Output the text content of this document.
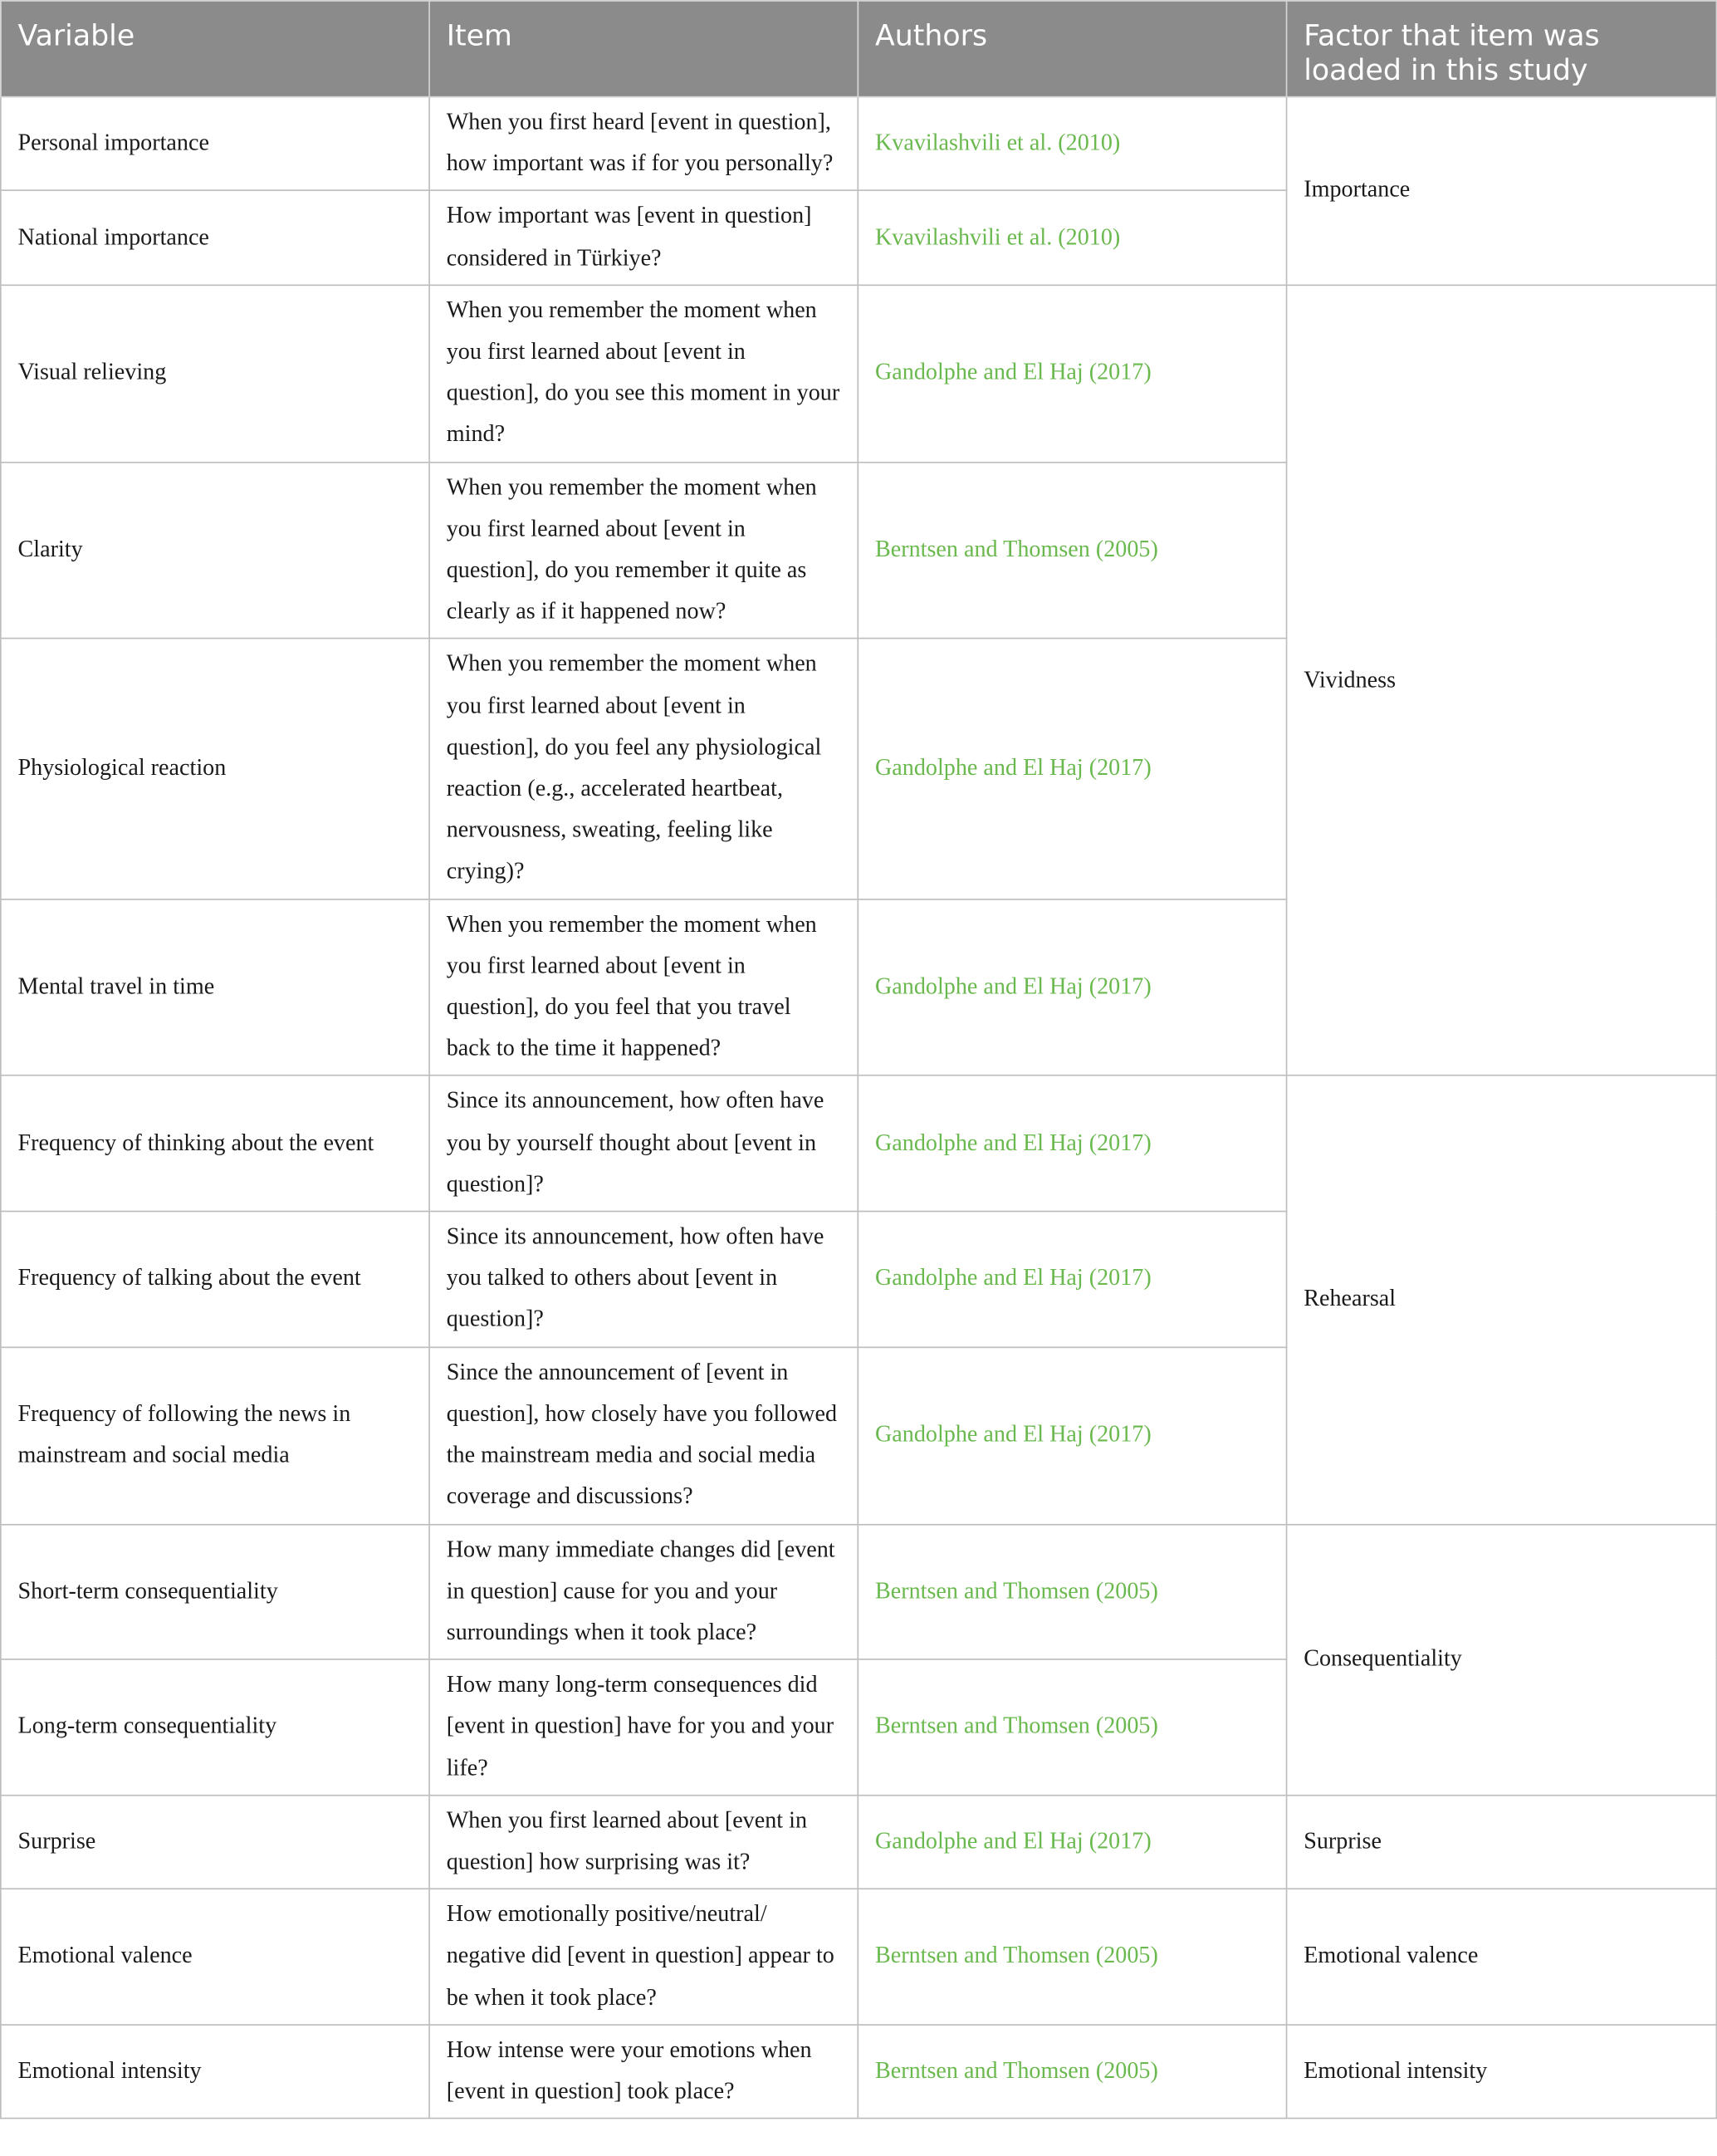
Variable	Item	Authors	Factor that item was loaded in this study
Personal importance	When you first heard [event in question], how important was if for you personally?	Kvavilashvili et al. (2010)	Importance
National importance	How important was [event in question] considered in Türkiye?	Kvavilashvili et al. (2010)	
Visual relieving	When you remember the moment when you first learned about [event in question], do you see this moment in your mind?	Gandolphe and El Haj (2017)	Vividness
Clarity	When you remember the moment when you first learned about [event in question], do you remember it quite as clearly as if it happened now?	Berntsen and Thomsen (2005)	
Physiological reaction	When you remember the moment when you first learned about [event in question], do you feel any physiological reaction (e.g., accelerated heartbeat, nervousness, sweating, feeling like crying)?	Gandolphe and El Haj (2017)	
Mental travel in time	When you remember the moment when you first learned about [event in question], do you feel that you travel back to the time it happened?	Gandolphe and El Haj (2017)	
Frequency of thinking about the event	Since its announcement, how often have you by yourself thought about [event in question]?	Gandolphe and El Haj (2017)	Rehearsal
Frequency of talking about the event	Since its announcement, how often have you talked to others about [event in question]?	Gandolphe and El Haj (2017)	
Frequency of following the news in mainstream and social media	Since the announcement of [event in question], how closely have you followed the mainstream media and social media coverage and discussions?	Gandolphe and El Haj (2017)	
Short-term consequentiality	How many immediate changes did [event in question] cause for you and your surroundings when it took place?	Berntsen and Thomsen (2005)	Consequentiality
Long-term consequentiality	How many long-term consequences did [event in question] have for you and your life?	Berntsen and Thomsen (2005)	
Surprise	When you first learned about [event in question] how surprising was it?	Gandolphe and El Haj (2017)	Surprise
Emotional valence	How emotionally positive/neutral/ negative did [event in question] appear to be when it took place?	Berntsen and Thomsen (2005)	Emotional valence
Emotional intensity	How intense were your emotions when [event in question] took place?	Berntsen and Thomsen (2005)	Emotional intensity
